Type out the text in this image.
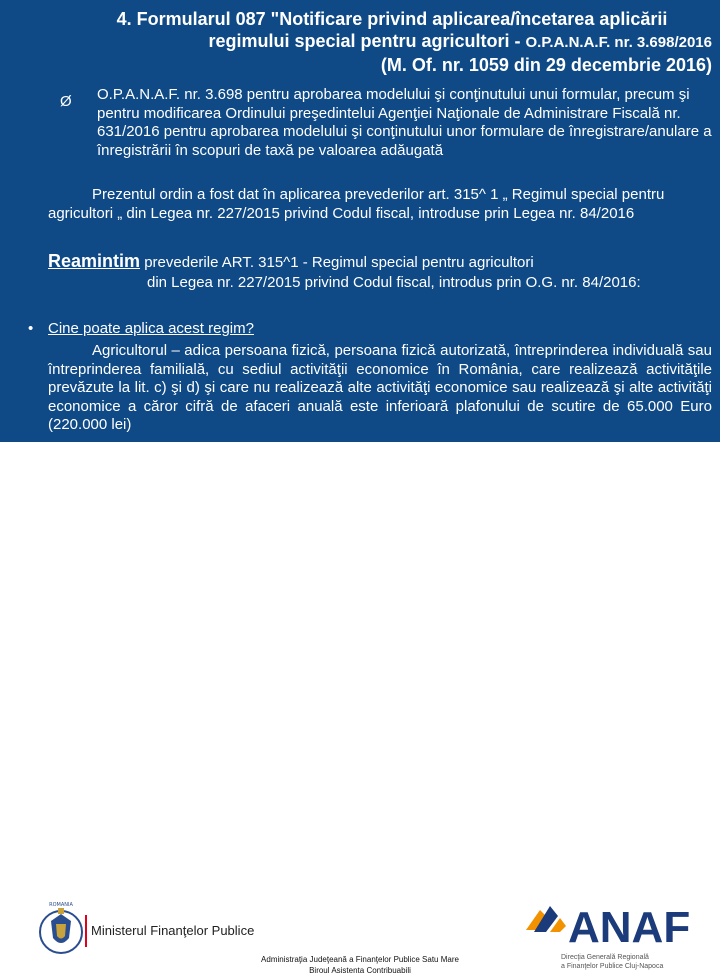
4. Formularul 087 "Notificare privind aplicarea/încetarea aplicării
regimului special pentru agricultori - O.P.A.N.A.F. nr. 3.698/2016
(M. Of. nr. 1059 din 29 decembrie 2016)
Ø O.P.A.N.A.F. nr. 3.698 pentru aprobarea modelului şi conţinutului unui formular, precum şi pentru modificarea Ordinului preşedintelui Agenţiei Naţionale de Administrare Fiscală nr. 631/2016 pentru aprobarea modelului şi conţinutului unor formulare de înregistrare/anulare a înregistrării în scopuri de taxă pe valoarea adăugată
Prezentul ordin a fost dat în aplicarea prevederilor art. 315^ 1 „ Regimul special pentru agricultori „ din Legea nr. 227/2015 privind Codul fiscal, introduse prin Legea nr. 84/2016
Reamintim prevederile ART. 315^1 - Regimul special pentru agricultori
din Legea nr. 227/2015 privind Codul fiscal, introdus prin O.G. nr. 84/2016:
• Cine poate aplica acest regim?
Agricultorul – adica persoana fizică, persoana fizică autorizată, întreprinderea individuală sau întreprinderea familială, cu sediul activităţii economice în România, care realizează activităţile prevăzute la lit. c) şi d) şi care nu realizează alte activităţi economice sau realizează şi alte activităţi economice a căror cifră de afaceri anuală este inferioară plafonului de scutire de 65.000 Euro (220.000 lei)
ROMANIA
Ministerul Finanţelor Publice
Administraţia Judeţeană a Finanţelor Publice Satu Mare
Biroul Asistenta Contribuabili
ANAF
Direcţia Generală Regională
a Finanţelor Publice Cluj-Napoca
